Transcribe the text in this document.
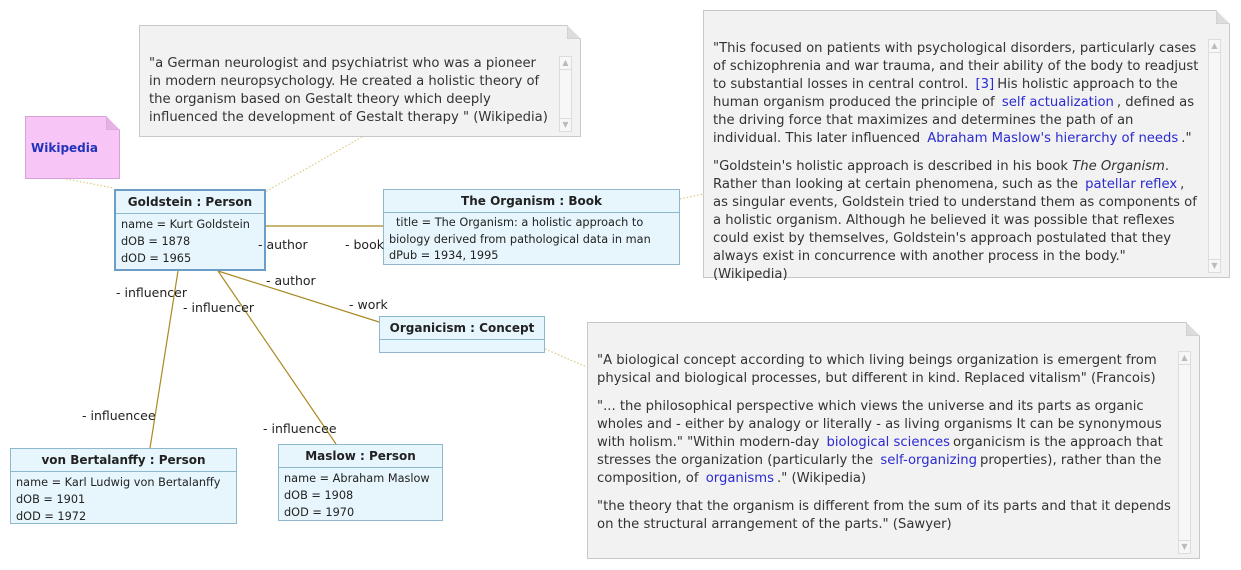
"a German neurologist and psychiatrist who was a pioneer in modern neuropsychology. He created a holistic theory of the organism based on Gestalt theory which deeply influenced the development of Gestalt therapy " (Wikipedia)

▲
▼

"This focused on patients with psychological disorders, particularly cases of schizophrenia and war trauma, and their ability of the body to readjust to substantial losses in central control. [3] His holistic approach to the human organism produced the principle of self actualization , defined as the driving force that maximizes and determines the path of an individual. This later influenced Abraham Maslow's hierarchy of needs ."

"Goldstein's holistic approach is described in his book The Organism. Rather than looking at certain phenomena, such as the patellar reflex , as singular events, Goldstein tried to understand them as components of a holistic organism. Although he believed it was possible that reflexes could exist by themselves, Goldstein's approach postulated that they always exist in concurrence with another process in the body." (Wikipedia)

▲
▼

"A biological concept according to which living beings organization is emergent from physical and biological processes, but different in kind. Replaced vitalism" (Francois)

"... the philosophical perspective which views the universe and its parts as organic wholes and - either by analogy or literally - as living organisms It can be synonymous with holism." "Within modern-day biological sciences organicism is the approach that stresses the organization (particularly the self-organizing properties), rather than the composition, of organisms ." (Wikipedia)

"the theory that the organism is different from the sum of its parts and that it depends on the structural arrangement of the parts." (Sawyer)

▲
▼
Wikipedia
Goldstein : Person
name = Kurt Goldstein
dOB = 1878
dOD = 1965
The Organism : Book
title = The Organism: a holistic approach to
biology derived from pathological data in man
dPub = 1934, 1995
Organicism : Concept
von Bertalanffy : Person
name = Karl Ludwig von Bertalanffy
dOB = 1901
dOD = 1972
Maslow : Person
name = Abraham Maslow
dOB = 1908
dOD = 1970
- author	- book
- author
- work
- influencer
- influencer
- influencee
- influencee
